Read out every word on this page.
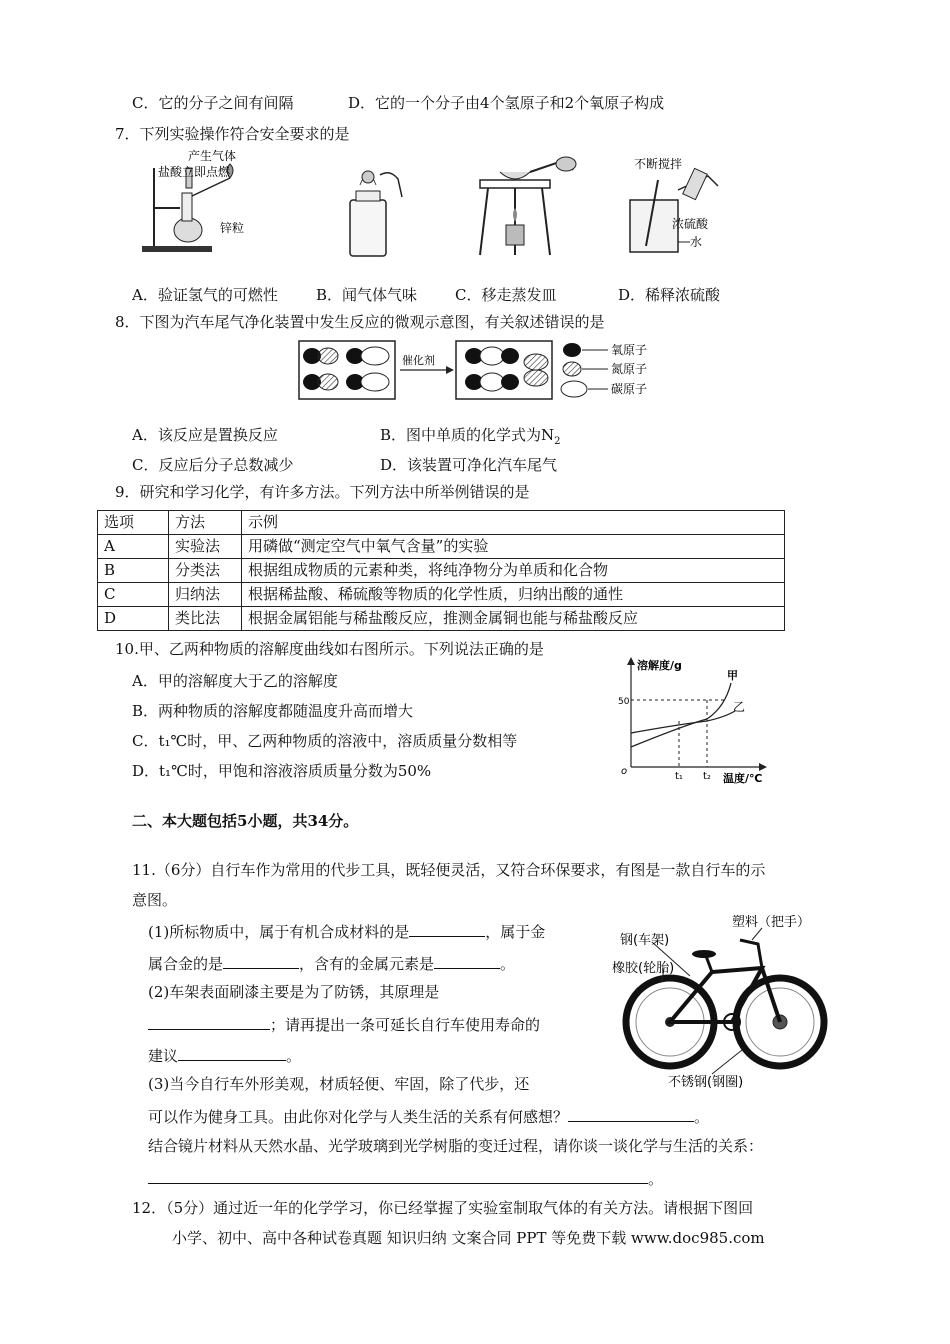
C．它的分子之间有间隔	D．它的一个分子由4个氢原子和2个氧原子构成
7．下列实验操作符合安全要求的是
产生气体
盐酸立即点燃
锌粒
不断搅拌
浓硫酸
水
A．验证氢气的可燃性	B．闻气体气味	C．移走蒸发皿	D．稀释浓硫酸
8．下图为汽车尾气净化装置中发生反应的微观示意图，有关叙述错误的是
催化剂
氧原子
氮原子
碳原子
A．该反应是置换反应	B．图中单质的化学式为$N_2$
C．反应后分子总数减少	D．该装置可净化汽车尾气
9．研究和学习化学，有许多方法。下列方法中所举例错误的是
选项	方法	示例
A	实验法	用磷做“测定空气中氧气含量”的实验
B	分类法	根据组成物质的元素种类，将纯净物分为单质和化合物
C	归纳法	根据稀盐酸、稀硫酸等物质的化学性质，归纳出酸的通性
D	类比法	根据金属铝能与稀盐酸反应，推测金属铜也能与稀盐酸反应
10.甲、乙两种物质的溶解度曲线如右图所示。下列说法正确的是
A．甲的溶解度大于乙的溶解度
B．两种物质的溶解度都随温度升高而增大
C．t₁℃时，甲、乙两种物质的溶液中，溶质质量分数相等
D．t₁℃时，甲饱和溶液溶质质量分数为50%
溶解度/g
甲
乙
50
o	t₁ t₂ 温度/℃
二、本大题包括5小题，共34分。
11.（6分）自行车作为常用的代步工具，既轻便灵活，又符合环保要求，有图是一款自行车的示
意图。
(1)所标物质中，属于有机合成材料的是	，属于金
属合金的是	，含有的金属元素是	。
(2)车架表面刷漆主要是为了防锈，其原理是
；请再提出一条可延长自行车使用寿命的
建议	。
(3)当今自行车外形美观，材质轻便、牢固，除了代步，还
可以作为健身工具。由此你对化学与人类生活的关系有何感想？	。
结合镜片材料从天然水晶、光学玻璃到光学树脂的变迁过程，请你谈一谈化学与生活的关系：
。
塑料（把手）
钢(车架)
橡胶(轮胎)
不锈钢(钢圈)
12．（5分）通过近一年的化学学习，你已经掌握了实验室制取气体的有关方法。请根据下图回
小学、初中、高中各种试卷真题 知识归纳 文案合同 PPT 等免费下载 www.doc985.com
